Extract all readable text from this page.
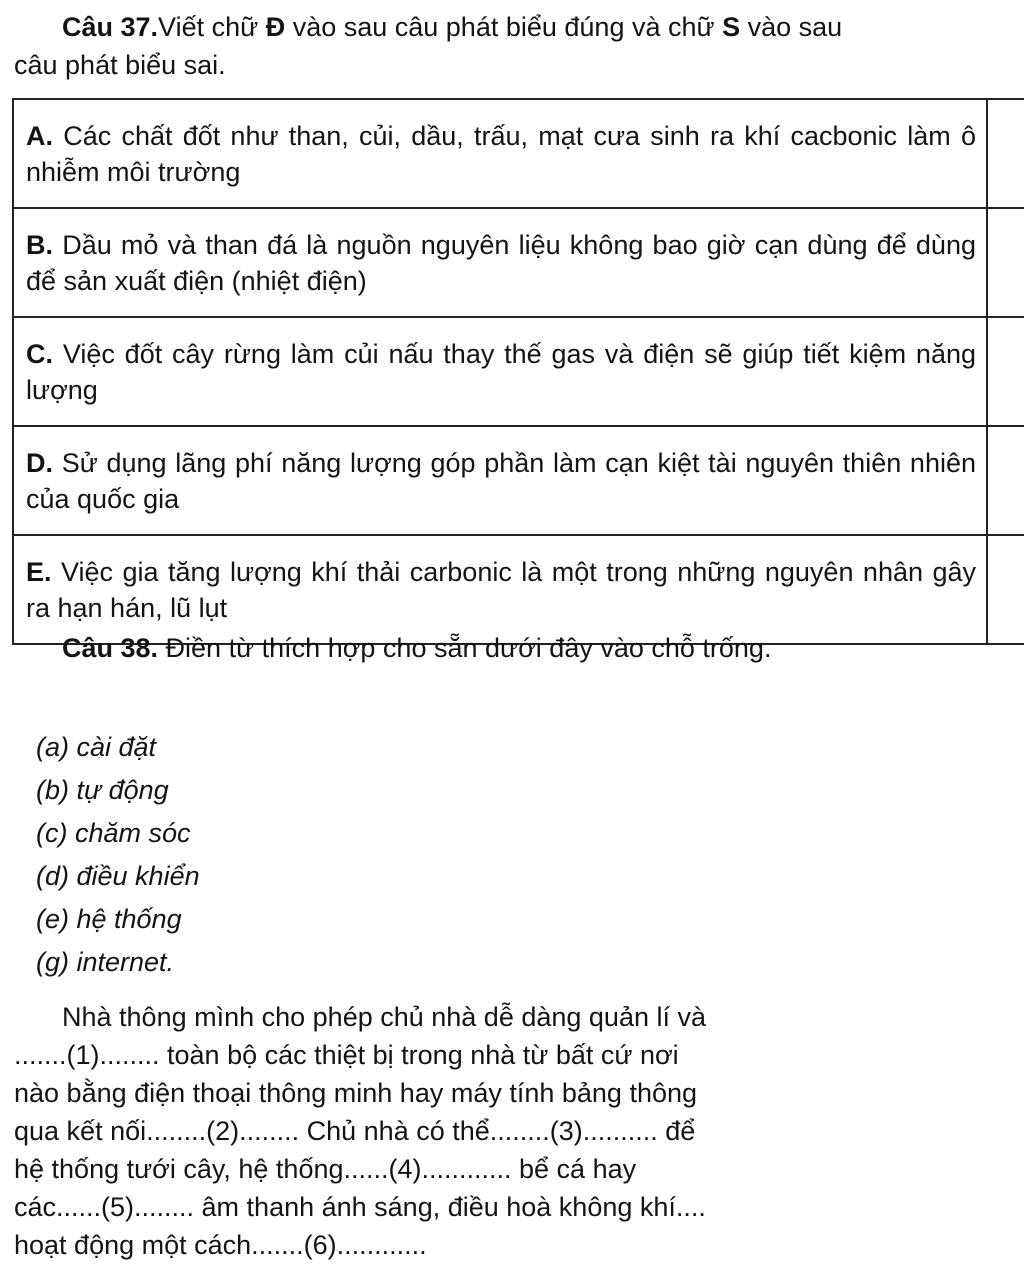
Câu 37.Viết chữ Đ vào sau câu phát biểu đúng và chữ S vào sau câu phát biểu sai.
A. Các chất đốt như than, củi, dầu, trấu, mạt cưa sinh ra khí cacbonic làm ô nhiễm môi trường	
B. Dầu mỏ và than đá là nguồn nguyên liệu không bao giờ cạn dùng để dùng để sản xuất điện (nhiệt điện)	
C. Việc đốt cây rừng làm củi nấu thay thế gas và điện sẽ giúp tiết kiệm năng lượng	
D. Sử dụng lãng phí năng lượng góp phần làm cạn kiệt tài nguyên thiên nhiên của quốc gia	
E. Việc gia tăng lượng khí thải carbonic là một trong những nguyên nhân gây ra hạn hán, lũ lụt	
Câu 38. Điền từ thích hợp cho sẵn dưới đây vào chỗ trống.
(a) cài đặt
(b) tự động
(c) chăm sóc
(d) điều khiển
(e) hệ thống
(g) internet.
Nhà thông mình cho phép chủ nhà dễ dàng quản lí và
.......(1)........ toàn bộ các thiệt bị trong nhà từ bất cứ nơi
nào bằng điện thoại thông minh hay máy tính bảng thông
qua kết nối........(2)........ Chủ nhà có thể........(3).......... để
hệ thống tưới cây, hệ thống......(4)............ bể cá hay
các......(5)........ âm thanh ánh sáng, điều hoà không khí....
hoạt động một cách.......(6)............
